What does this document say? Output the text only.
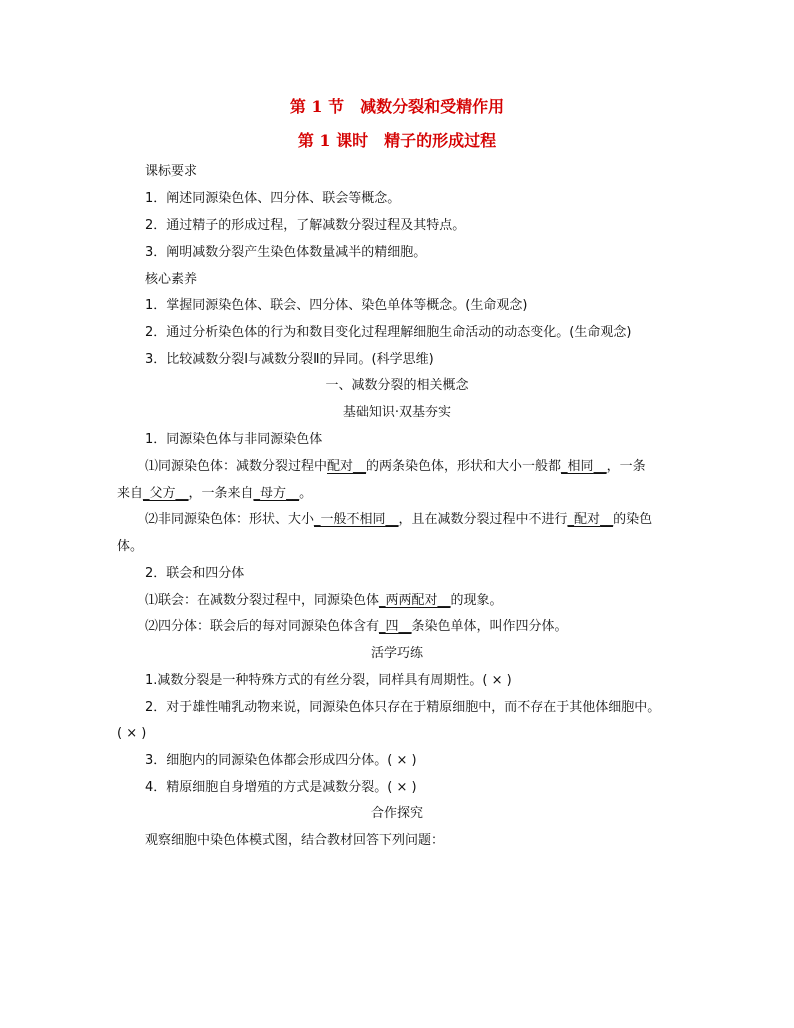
第 1 节　减数分裂和受精作用
第 1 课时　精子的形成过程
课标要求
1．阐述同源染色体、四分体、联会等概念。
2．通过精子的形成过程，了解减数分裂过程及其特点。
3．阐明减数分裂产生染色体数量减半的精细胞。
核心素养
1．掌握同源染色体、联会、四分体、染色单体等概念。(生命观念)
2．通过分析染色体的行为和数目变化过程理解细胞生命活动的动态变化。(生命观念)
3．比较减数分裂Ⅰ与减数分裂Ⅱ的异同。(科学思维)
一、减数分裂的相关概念
基础知识·双基夯实
1．同源染色体与非同源染色体
⑴同源染色体：减数分裂过程中配对__的两条染色体，形状和大小一般都_相同__，一条
来自_父方__，一条来自_母方__。
⑵非同源染色体：形状、大小_一般不相同__，且在减数分裂过程中不进行_配对__的染色
体。
2．联会和四分体
⑴联会：在减数分裂过程中，同源染色体_两两配对__的现象。
⑵四分体：联会后的每对同源染色体含有_四__条染色单体，叫作四分体。
活学巧练
1.减数分裂是一种特殊方式的有丝分裂，同样具有周期性。( × )
2．对于雄性哺乳动物来说，同源染色体只存在于精原细胞中，而不存在于其他体细胞中。
( × )
3．细胞内的同源染色体都会形成四分体。( × )
4．精原细胞自身增殖的方式是减数分裂。( × )
合作探究
观察细胞中染色体模式图，结合教材回答下列问题：
